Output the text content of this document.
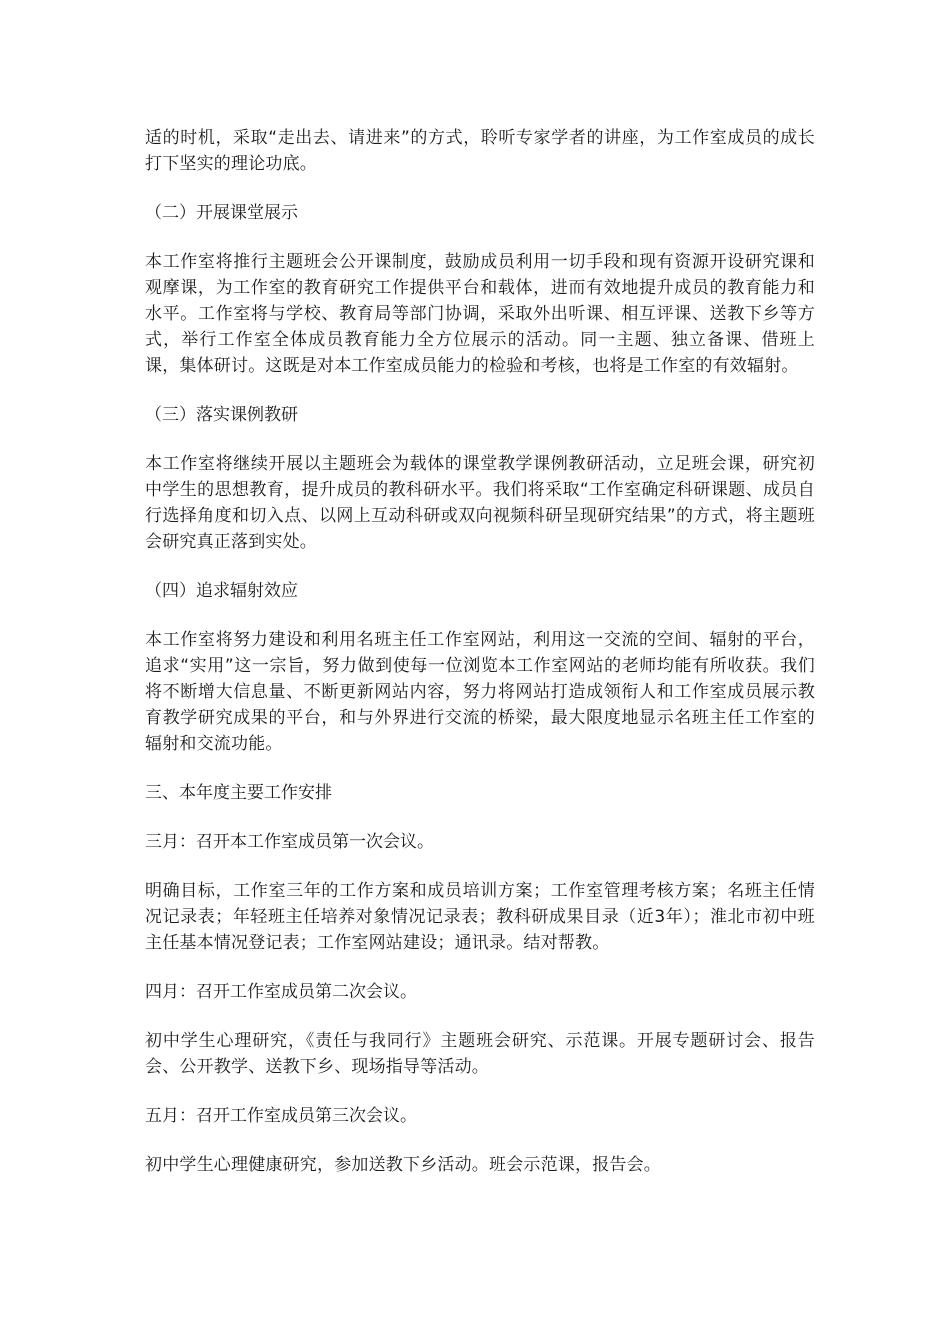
适的时机，采取“走出去、请进来”的方式，聆听专家学者的讲座，为工作室成员的成长打下坚实的理论功底。

（二）开展课堂展示

本工作室将推行主题班会公开课制度，鼓励成员利用一切手段和现有资源开设研究课和观摩课，为工作室的教育研究工作提供平台和载体，进而有效地提升成员的教育能力和水平。工作室将与学校、教育局等部门协调，采取外出听课、相互评课、送教下乡等方式，举行工作室全体成员教育能力全方位展示的活动。同一主题、独立备课、借班上课，集体研讨。这既是对本工作室成员能力的检验和考核，也将是工作室的有效辐射。

（三）落实课例教研

本工作室将继续开展以主题班会为载体的课堂教学课例教研活动，立足班会课，研究初中学生的思想教育，提升成员的教科研水平。我们将采取“工作室确定科研课题、成员自行选择角度和切入点、以网上互动科研或双向视频科研呈现研究结果”的方式，将主题班会研究真正落到实处。

（四）追求辐射效应

本工作室将努力建设和利用名班主任工作室网站，利用这一交流的空间、辐射的平台，追求“实用”这一宗旨，努力做到使每一位浏览本工作室网站的老师均能有所收获。我们将不断增大信息量、不断更新网站内容，努力将网站打造成领衔人和工作室成员展示教育教学研究成果的平台，和与外界进行交流的桥梁，最大限度地显示名班主任工作室的辐射和交流功能。

三、本年度主要工作安排

三月：召开本工作室成员第一次会议。

明确目标，工作室三年的工作方案和成员培训方案；工作室管理考核方案；名班主任情况记录表；年轻班主任培养对象情况记录表；教科研成果目录（近3年）；淮北市初中班主任基本情况登记表；工作室网站建设；通讯录。结对帮教。

四月：召开工作室成员第二次会议。

初中学生心理研究，《责任与我同行》主题班会研究、示范课。开展专题研讨会、报告会、公开教学、送教下乡、现场指导等活动。

五月：召开工作室成员第三次会议。

初中学生心理健康研究，参加送教下乡活动。班会示范课，报告会。
